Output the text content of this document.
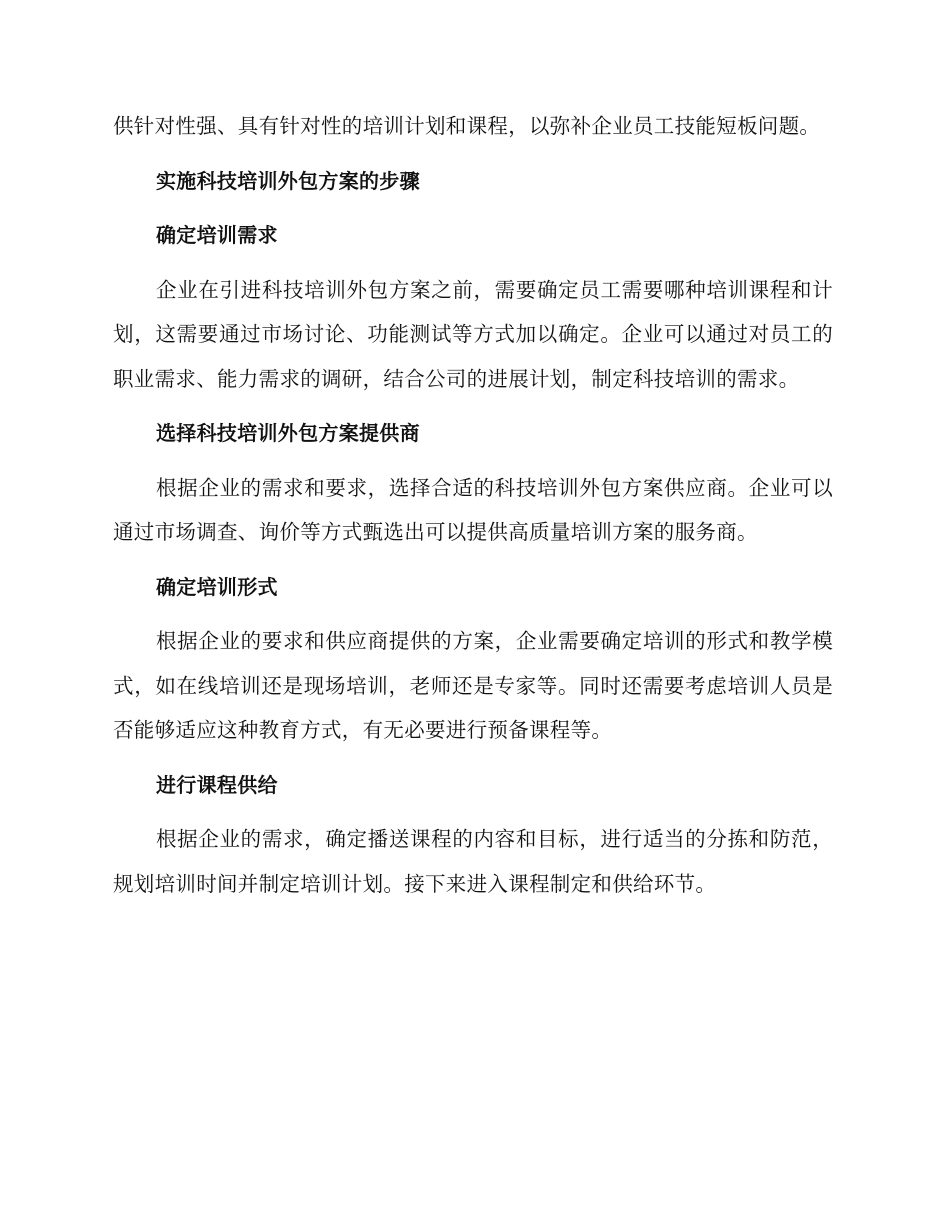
供针对性强、具有针对性的培训计划和课程，以弥补企业员工技能短板问题。

实施科技培训外包方案的步骤
确定培训需求

企业在引进科技培训外包方案之前，需要确定员工需要哪种培训课程和计划，这需要通过市场讨论、功能测试等方式加以确定。企业可以通过对员工的职业需求、能力需求的调研，结合公司的进展计划，制定科技培训的需求。

选择科技培训外包方案提供商

根据企业的需求和要求，选择合适的科技培训外包方案供应商。企业可以通过市场调查、询价等方式甄选出可以提供高质量培训方案的服务商。

确定培训形式

根据企业的要求和供应商提供的方案，企业需要确定培训的形式和教学模式，如在线培训还是现场培训，老师还是专家等。同时还需要考虑培训人员是否能够适应这种教育方式，有无必要进行预备课程等。

进行课程供给

根据企业的需求，确定播送课程的内容和目标，进行适当的分拣和防范，规划培训时间并制定培训计划。接下来进入课程制定和供给环节。
